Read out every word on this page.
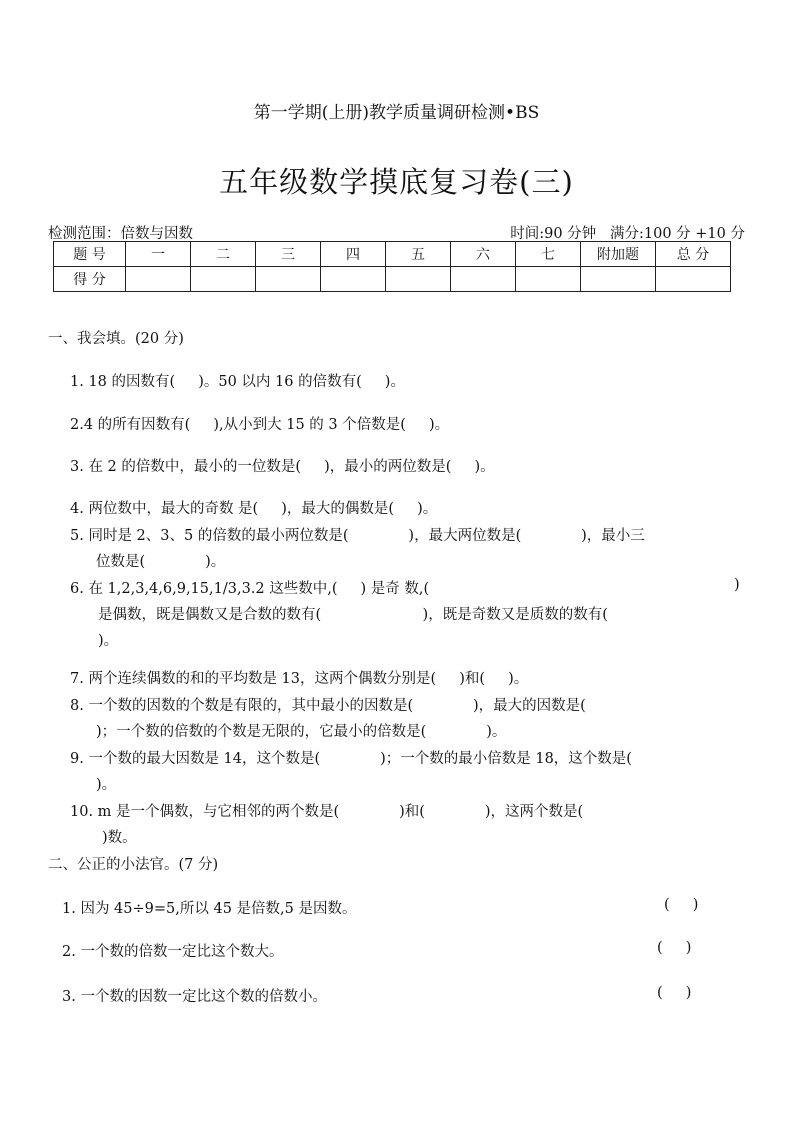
第一学期(上册)教学质量调研检测•BS
五年级数学摸底复习卷(三)
检测范围：倍数与因数	时间:90 分钟   满分:100 分 +10 分
题 号	一	二	三	四	五	六	七	附加题	总 分
得 分									
一、我会填。(20 分)
1. 18 的因数有(     )。50 以内 16 的倍数有(     )。
2.4 的所有因数有(     ),从小到大 15 的 3 个倍数是(     )。
3. 在 2 的倍数中，最小的一位数是(     )，最小的两位数是(     )。
4. 两位数中，最大的奇数 是(     )，最大的偶数是(     )。
5. 同时是 2、3、5 的倍数的最小两位数是(             )，最大两位数是(             )，最小三
位数是(             )。
6. 在 1,2,3,4,6,9,15,1/3,3.2 这些数中,(     ) 是奇 数,(	)
是偶数，既是偶数又是合数的数有(                      )，既是奇数又是质数的数有(
)。
7. 两个连续偶数的和的平均数是 13，这两个偶数分别是(     )和(     )。
8. 一个数的因数的个数是有限的，其中最小的因数是(             )，最大的因数是(
)；一个数的倍数的个数是无限的，它最小的倍数是(             )。
9. 一个数的最大因数是 14，这个数是(             )；一个数的最小倍数是 18，这个数是(
)。
10. m 是一个偶数，与它相邻的两个数是(             )和(             )，这两个数是(
)数。
二、公正的小法官。(7 分)
1. 因为 45÷9=5,所以 45 是倍数,5 是因数。	(     )
2. 一个数的倍数一定比这个数大。	(     )
3. 一个数的因数一定比这个数的倍数小。	(     )
